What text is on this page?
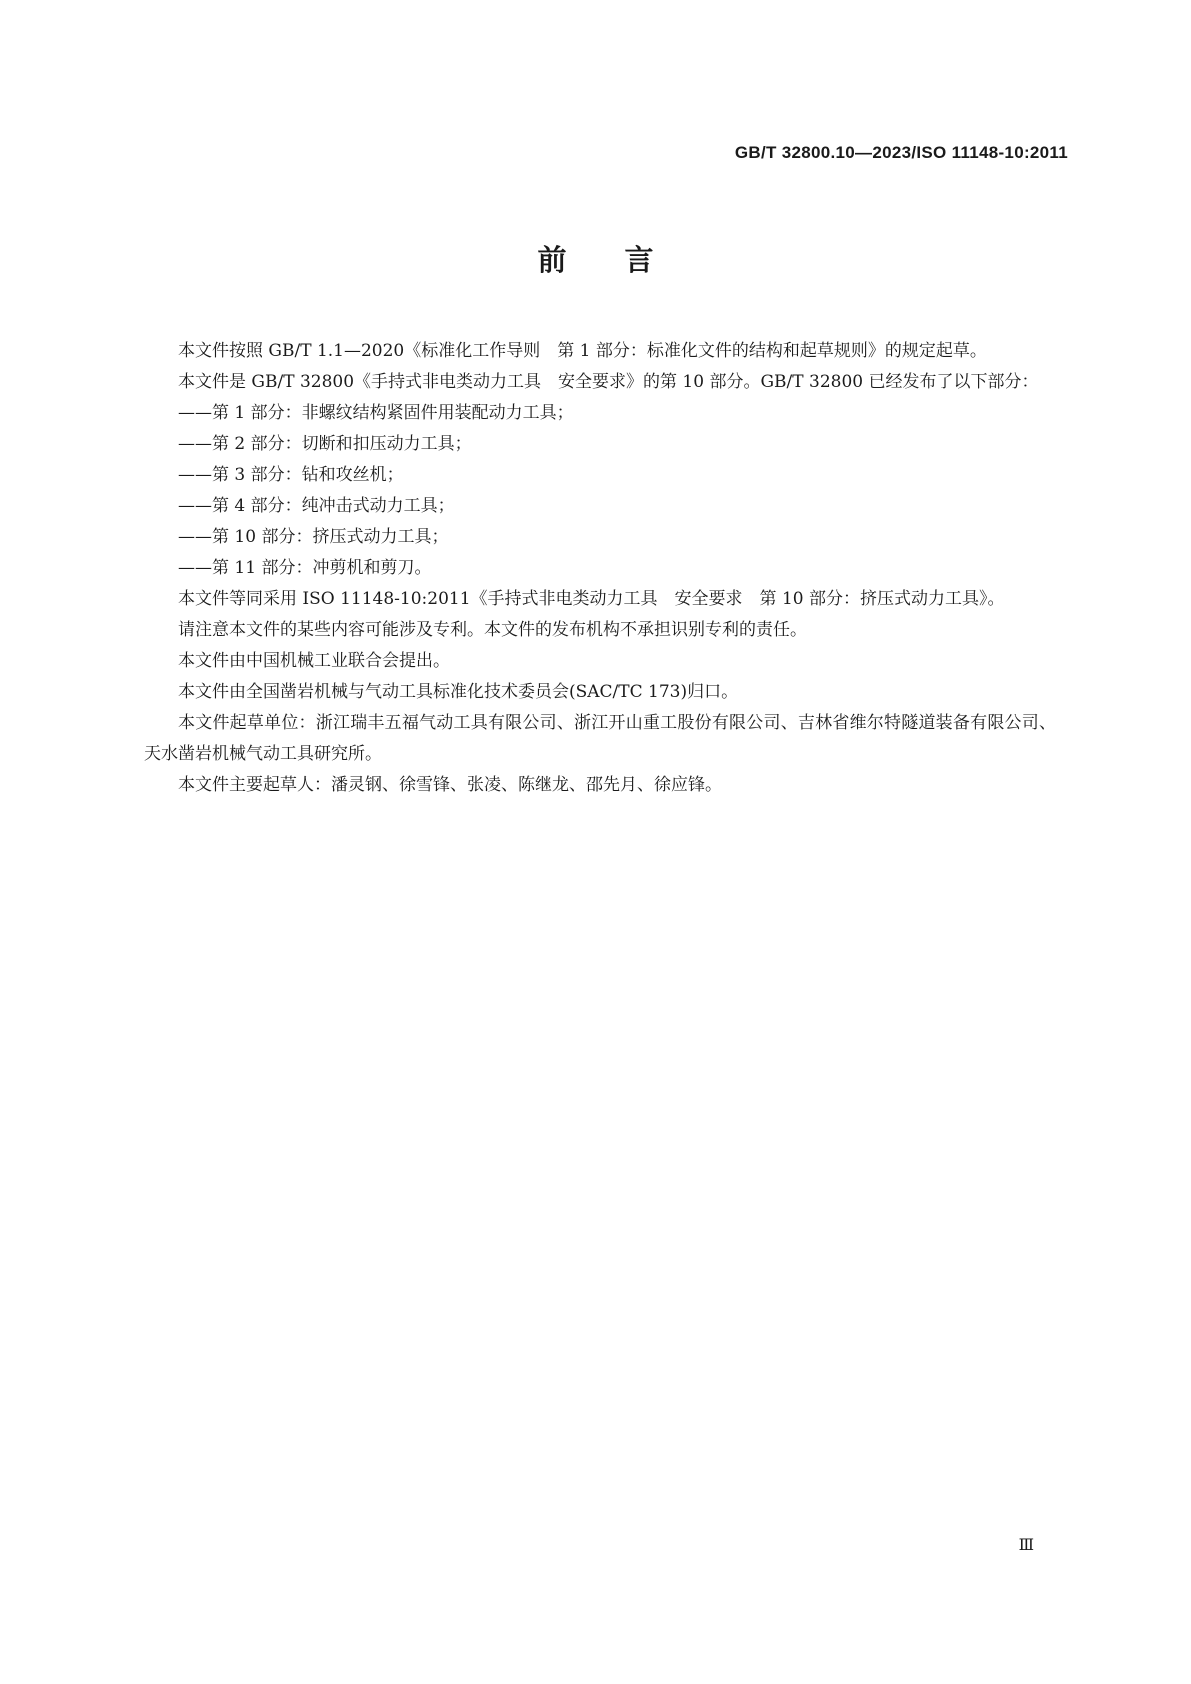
GB/T 32800.10—2023/ISO 11148-10:2011
前言

本文件按照 GB/T 1.1—2020《标准化工作导则　第 1 部分：标准化文件的结构和起草规则》的规定起草。

本文件是 GB/T 32800《手持式非电类动力工具　安全要求》的第 10 部分。GB/T 32800 已经发布了以下部分：

——第 1 部分：非螺纹结构紧固件用装配动力工具；

——第 2 部分：切断和扣压动力工具；

——第 3 部分：钻和攻丝机；

——第 4 部分：纯冲击式动力工具；

——第 10 部分：挤压式动力工具；

——第 11 部分：冲剪机和剪刀。

本文件等同采用 ISO 11148-10:2011《手持式非电类动力工具　安全要求　第 10 部分：挤压式动力工具》。

请注意本文件的某些内容可能涉及专利。本文件的发布机构不承担识别专利的责任。

本文件由中国机械工业联合会提出。

本文件由全国凿岩机械与气动工具标准化技术委员会(SAC/TC 173)归口。

本文件起草单位：浙江瑞丰五福气动工具有限公司、浙江开山重工股份有限公司、吉林省维尔特隧道装备有限公司、天水凿岩机械气动工具研究所。

本文件主要起草人：潘灵钢、徐雪锋、张凌、陈继龙、邵先月、徐应锋。

Ⅲ
